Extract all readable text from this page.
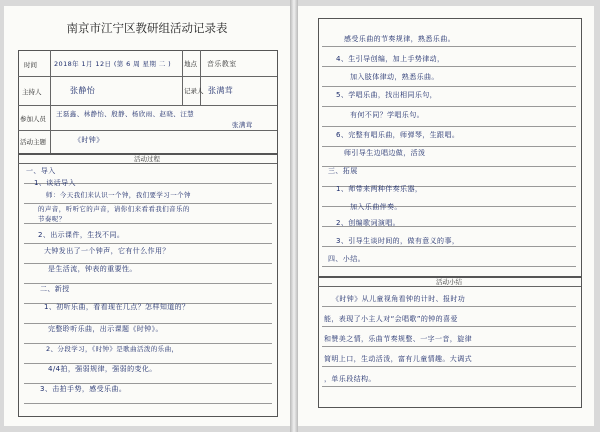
南京市江宁区教研组活动记录表
时间	2018年 1月 12日 (第 6 周 星期 二 ) 地点 音乐教室
主持人	张静怡	记录人 张满茸
参加人员
王磊鑫、林静怡、殷静、杨欣雨、赵晓、汪慧
张满茸
活动主题	《时钟》
活动过程
一、导入
1、谈话导入
师：今天我们来认识一个钟，我们要学习一个钟
的声音，听听它的声音，请你们来看看我们音乐的
节奏呢？
2、出示课件，生找不同。
大钟发出了一个钟声，它有什么作用？
是生活流，钟表的重要性。
二、新授
1、初听乐曲，看看现在几点？怎样知道的？
完整聆听乐曲，出示课题《时钟》。
2、分段学习，《时钟》是歌曲活泼的乐曲，
4/4拍，强弱规律，强弱的变化。
3、击拍手势，感受乐曲。
感受乐曲的节奏规律，熟悉乐曲。
4、生引导创编，加上手势律动，
加入肢体律动，熟悉乐曲。
5、学唱乐曲，找出相同乐句，
有何不同？学唱乐句。
6、完整有唱乐曲，师弹琴，生跟唱。
师引导生边唱边做，活泼
三、拓展
1、师带来两种伴奏乐器，
加入乐曲伴奏。
2、创编歌词演唱。
3、引导生谈时间的，做有意义的事，
四、小结。
活动小结
《时钟》从儿童视角看钟的计时、报时功
能，表现了小主人对“会唱歌”的钟的喜爱
和赞美之情，乐曲节奏规整、一字一音，旋律
简明上口，生动活泼，富有儿童情趣。大调式
，单乐段结构。
